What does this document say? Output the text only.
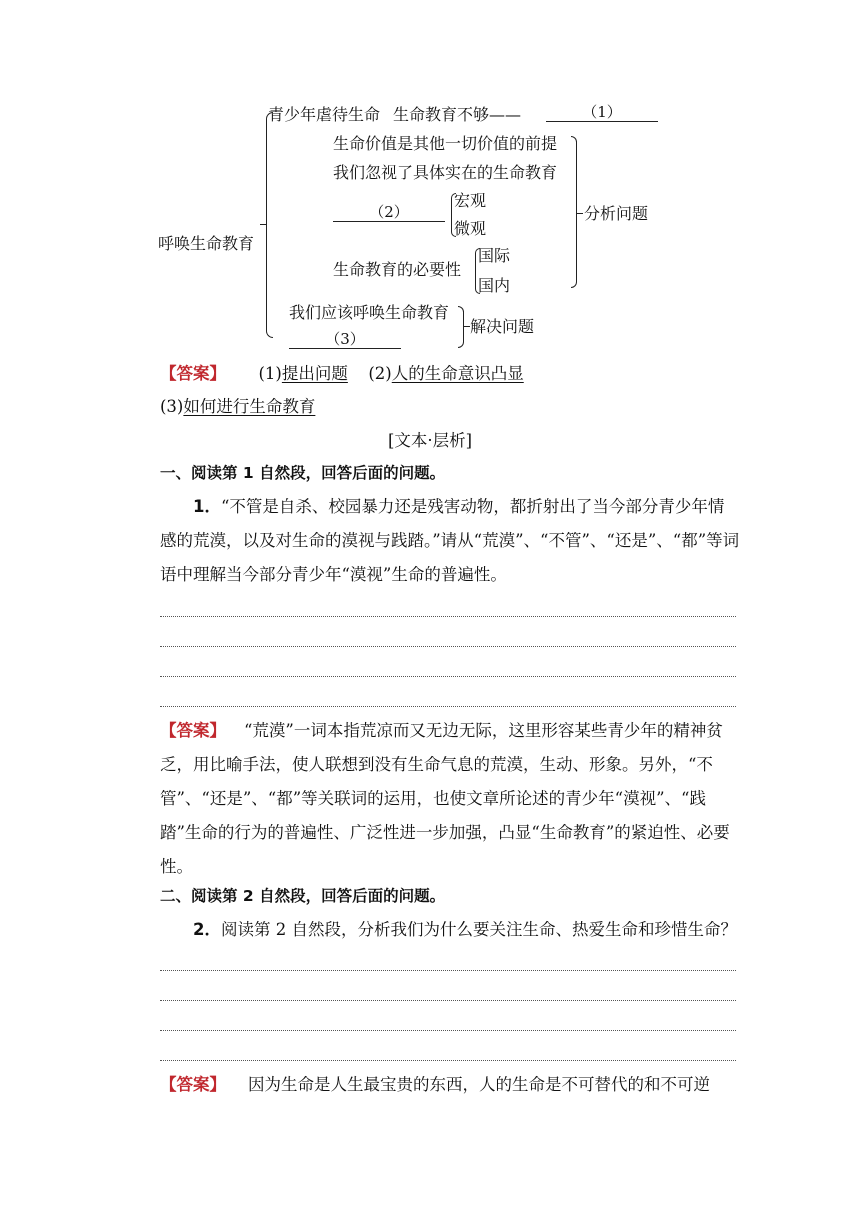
呼唤生命教育
青少年虐待生命 生命教育不够——	（1）
生命价值是其他一切价值的前提
我们忽视了具体实在的生命教育
（2）
宏观
微观
生命教育的必要性
国际
国内
分析问题
我们应该呼唤生命教育
（3）
解决问题
【答案】 (1)提出问题 (2)人的生命意识凸显
(3)如何进行生命教育
[文本·层析]
一、阅读第 1 自然段，回答后面的问题。
1．“不管是自杀、校园暴力还是残害动物，都折射出了当今部分青少年情感的荒漠，以及对生命的漠视与践踏。”请从“荒漠”、“不管”、“还是”、“都”等词语中理解当今部分青少年“漠视”生命的普遍性。
【答案】 “荒漠”一词本指荒凉而又无边无际，这里形容某些青少年的精神贫乏，用比喻手法，使人联想到没有生命气息的荒漠，生动、形象。另外，“不管”、“还是”、“都”等关联词的运用，也使文章所论述的青少年“漠视”、“践踏”生命的行为的普遍性、广泛性进一步加强，凸显“生命教育”的紧迫性、必要性。
二、阅读第 2 自然段，回答后面的问题。
2．阅读第 2 自然段，分析我们为什么要关注生命、热爱生命和珍惜生命？
【答案】 因为生命是人生最宝贵的东西，人的生命是不可替代的和不可逆
